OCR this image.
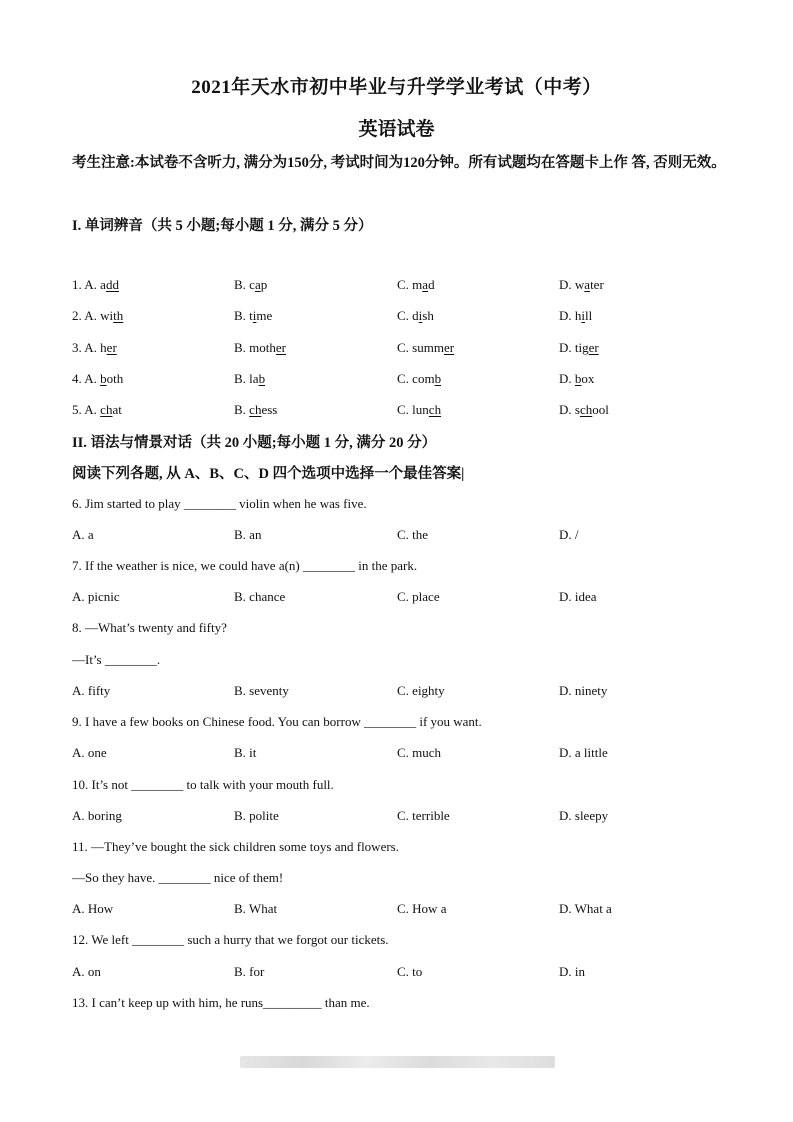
2021年天水市初中毕业与升学学业考试（中考）
英语试卷
考生注意:本试卷不含听力, 满分为150分, 考试时间为120分钟。所有试题均在答题卡上作 答, 否则无效。
I. 单词辨音（共 5 小题;每小题 1 分, 满分 5 分）
1. A. add	B. cap	C. mad	D. water
2. A. with	B. time	C. dish	D. hill
3. A. her	B. mother	C. summer	D. tiger
4. A. both	B. lab	C. comb	D. box
5. A. chat	B. chess	C. lunch	D. school
II. 语法与情景对话（共 20 小题;每小题 1 分, 满分 20 分）
阅读下列各题, 从 A、B、C、D 四个选项中选择一个最佳答案|
6. Jim started to play ________ violin when he was five.
A. a	B. an	C. the	D. /
7. If the weather is nice, we could have a(n) ________ in the park.
A. picnic	B. chance	C. place	D. idea
8. —What’s twenty and fifty?
—It’s ________.
A. fifty	B. seventy	C. eighty	D. ninety
9. I have a few books on Chinese food. You can borrow ________ if you want.
A. one	B. it	C. much	D. a little
10. It’s not ________ to talk with your mouth full.
A. boring	B. polite	C. terrible	D. sleepy
11. —They’ve bought the sick children some toys and flowers.
—So they have. ________ nice of them!
A. How	B. What	C. How a	D. What a
12. We left ________ such a hurry that we forgot our tickets.
A. on	B. for	C. to	D. in
13. I can’t keep up with him, he runs_________ than me.
